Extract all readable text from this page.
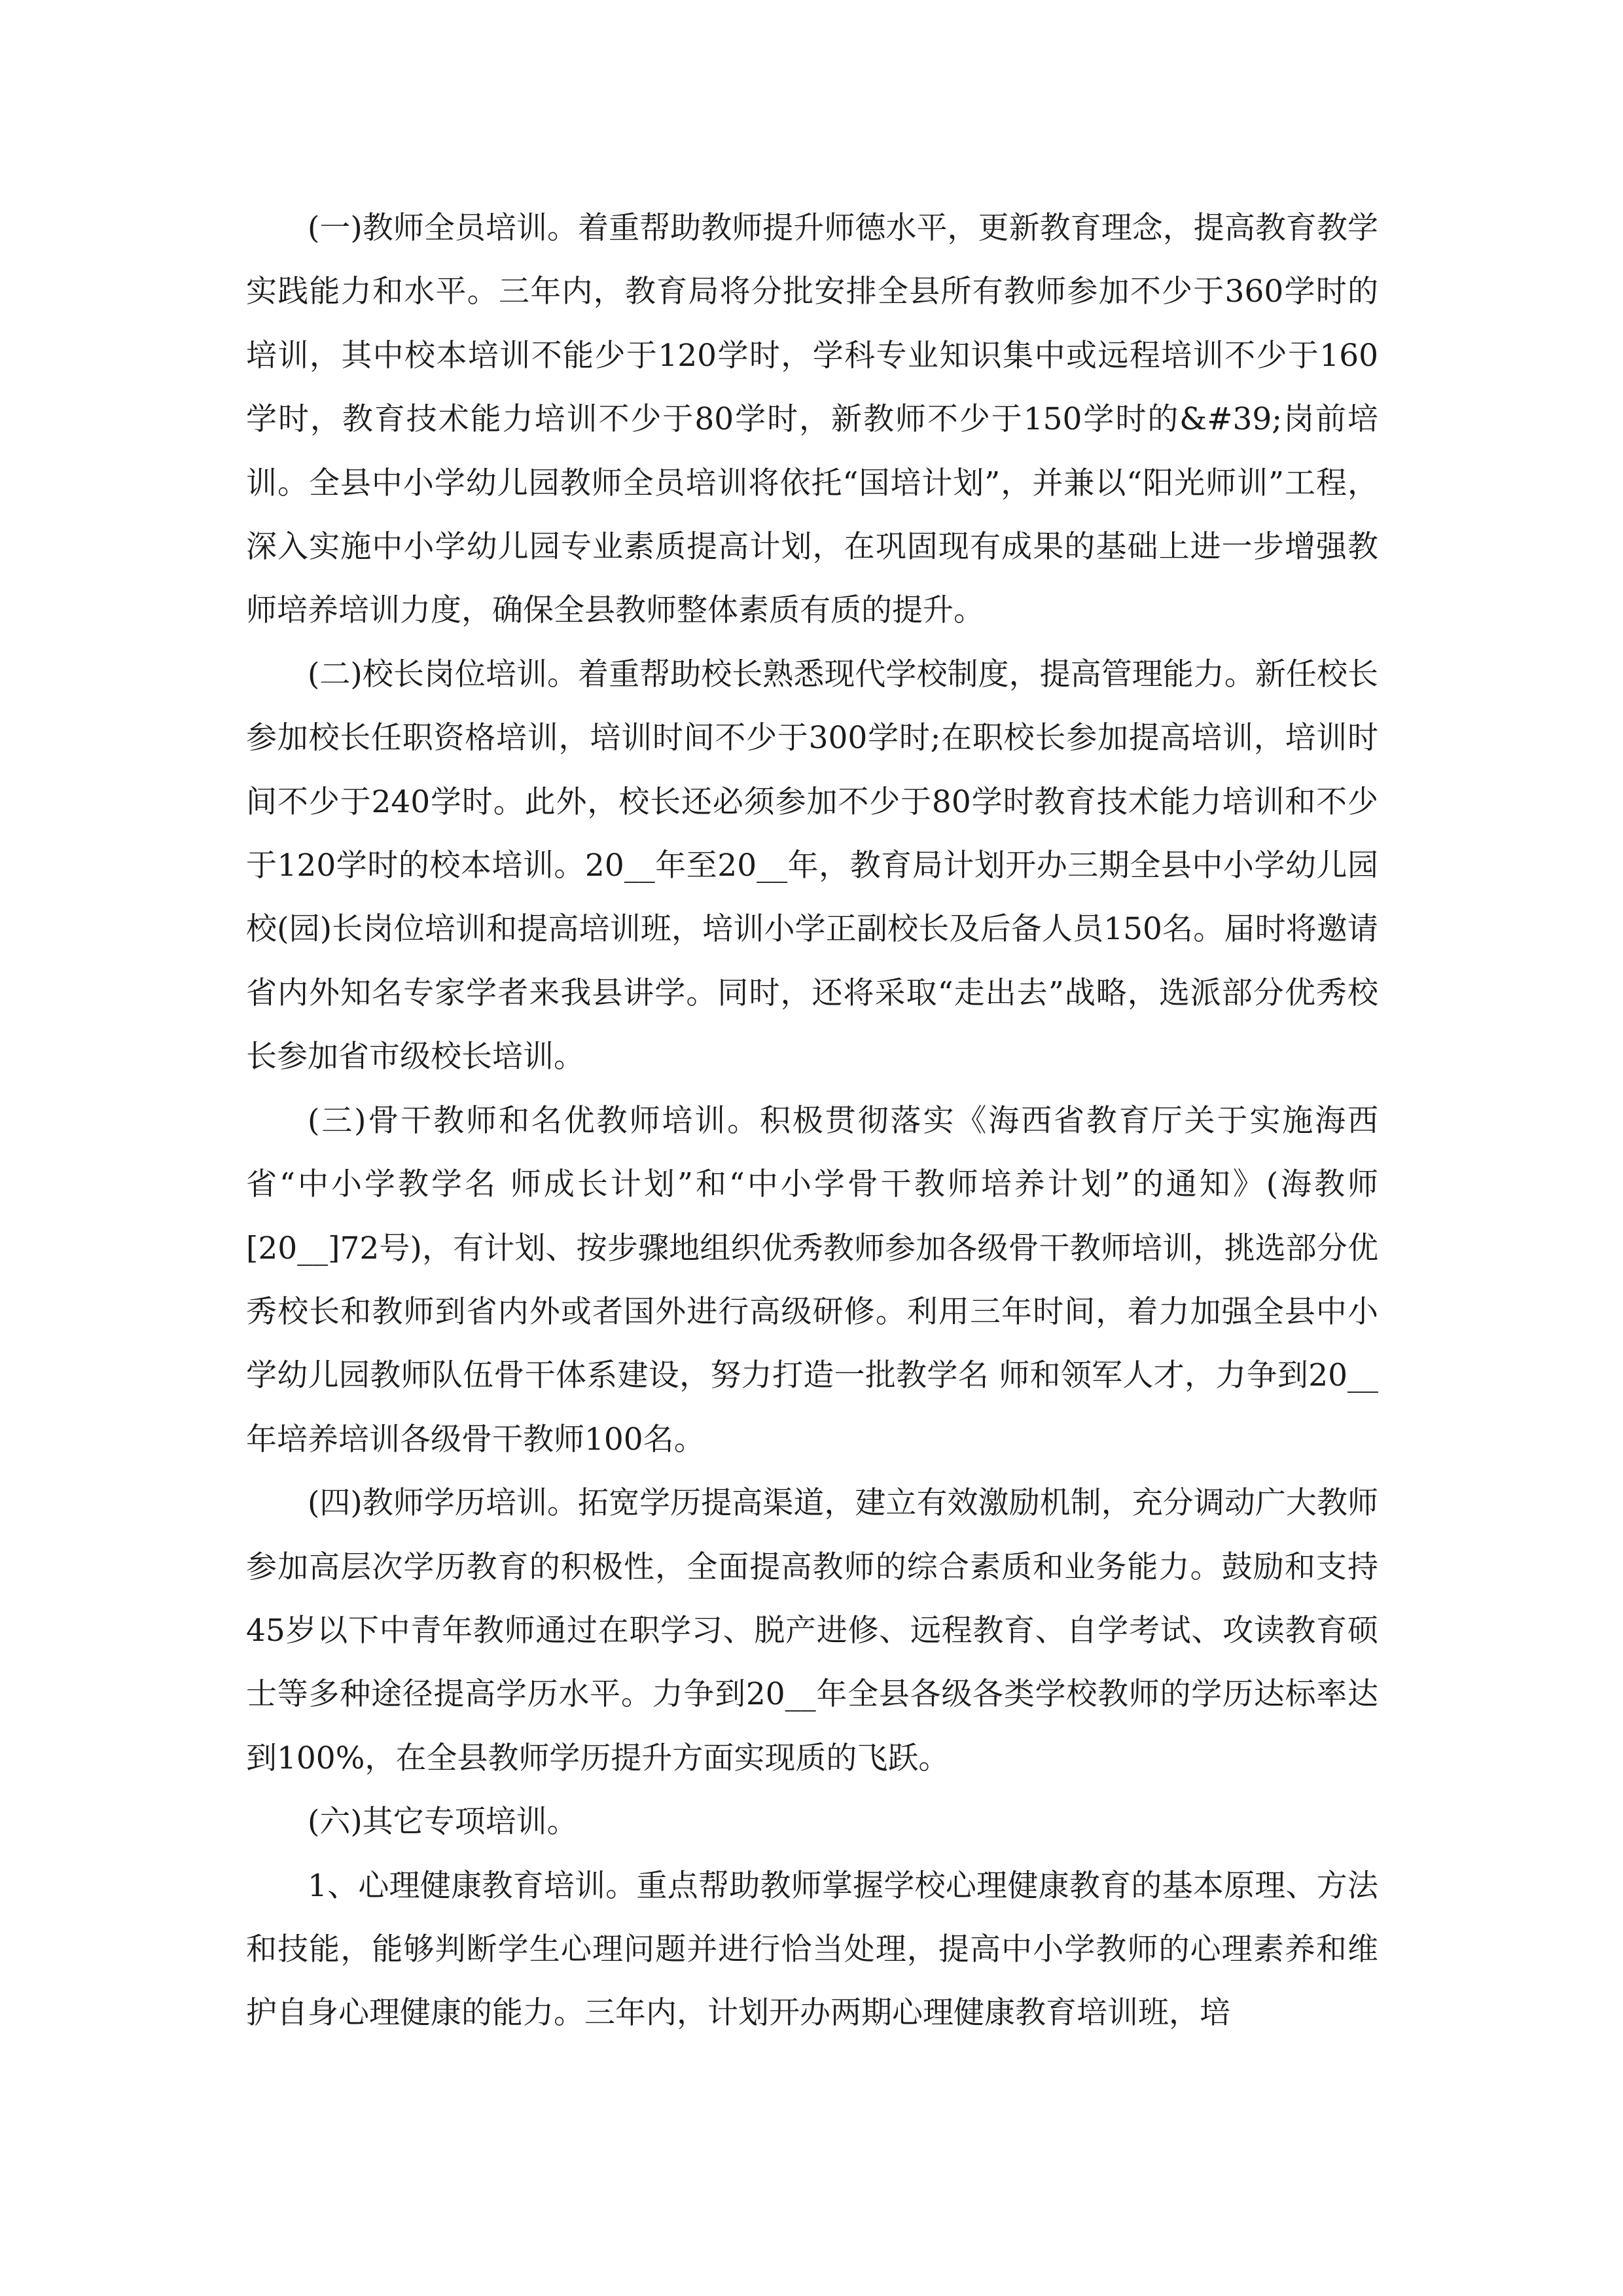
(一)教师全员培训。着重帮助教师提升师德水平，更新教育理念，提高教育教学实践能力和水平。三年内，教育局将分批安排全县所有教师参加不少于360学时的培训，其中校本培训不能少于120学时，学科专业知识集中或远程培训不少于160学时，教育技术能力培训不少于80学时，新教师不少于150学时的&#39;岗前培训。全县中小学幼儿园教师全员培训将依托“国培计划”，并兼以“阳光师训”工程，深入实施中小学幼儿园专业素质提高计划，在巩固现有成果的基础上进一步增强教师培养培训力度，确保全县教师整体素质有质的提升。

(二)校长岗位培训。着重帮助校长熟悉现代学校制度，提高管理能力。新任校长参加校长任职资格培训，培训时间不少于300学时;在职校长参加提高培训，培训时间不少于240学时。此外，校长还必须参加不少于80学时教育技术能力培训和不少于120学时的校本培训。20__年至20__年，教育局计划开办三期全县中小学幼儿园校(园)长岗位培训和提高培训班，培训小学正副校长及后备人员150名。届时将邀请省内外知名专家学者来我县讲学。同时，还将采取“走出去”战略，选派部分优秀校长参加省市级校长培训。

(三)骨干教师和名优教师培训。积极贯彻落实《海西省教育厅关于实施海西省“中小学教学名 师成长计划”和“中小学骨干教师培养计划”的通知》(海教师[20__]72号)，有计划、按步骤地组织优秀教师参加各级骨干教师培训，挑选部分优秀校长和教师到省内外或者国外进行高级研修。利用三年时间，着力加强全县中小学幼儿园教师队伍骨干体系建设，努力打造一批教学名 师和领军人才，力争到20__年培养培训各级骨干教师100名。

(四)教师学历培训。拓宽学历提高渠道，建立有效激励机制，充分调动广大教师参加高层次学历教育的积极性，全面提高教师的综合素质和业务能力。鼓励和支持45岁以下中青年教师通过在职学习、脱产进修、远程教育、自学考试、攻读教育硕士等多种途径提高学历水平。力争到20__年全县各级各类学校教师的学历达标率达到100%，在全县教师学历提升方面实现质的飞跃。

(六)其它专项培训。

1、心理健康教育培训。重点帮助教师掌握学校心理健康教育的基本原理、方法和技能，能够判断学生心理问题并进行恰当处理，提高中小学教师的心理素养和维护自身心理健康的能力。三年内，计划开办两期心理健康教育培训班，培
